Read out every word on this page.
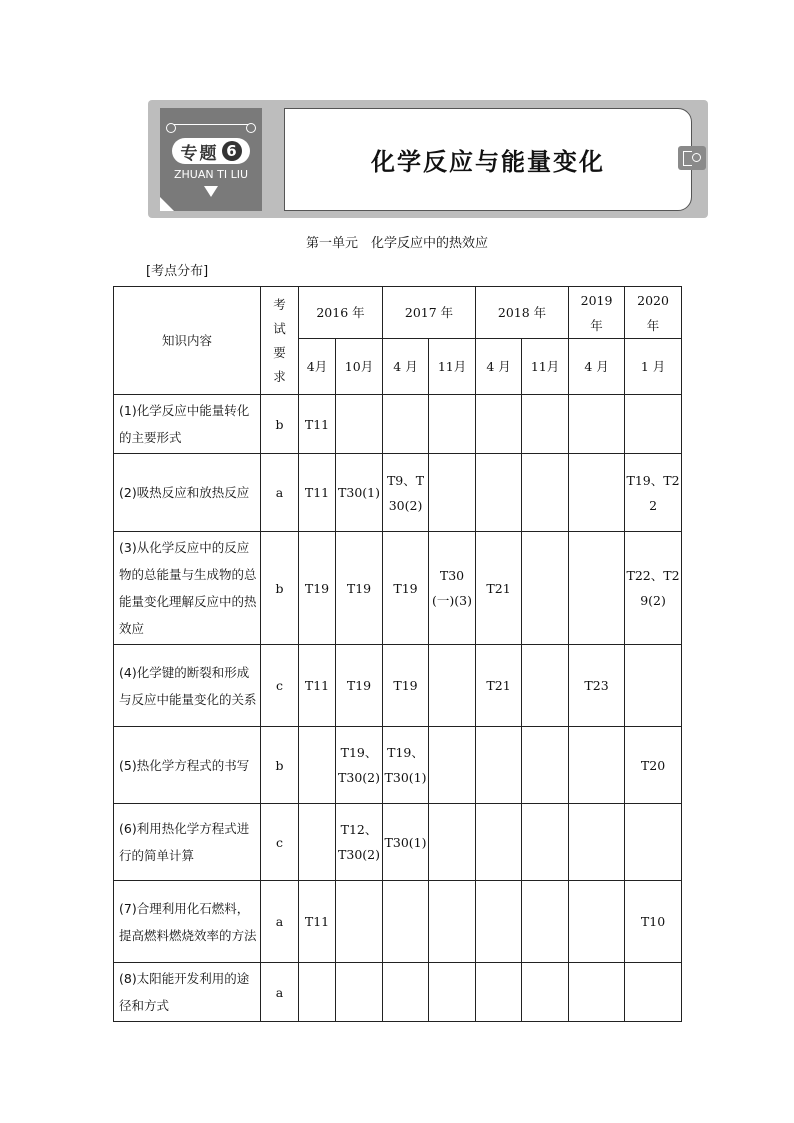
专题 6
ZHUAN TI LIU	化学反应与能量变化
第一单元　化学反应中的热效应
[考点分布]
知识内容	考试要求	2016 年		2017 年		2018 年		2019年	2020年
		4月	10月	4 月	11月	4 月	11月	4 月	1 月
(1)化学反应中能量转化的主要形式	b	T11							
(2)吸热反应和放热反应	a	T11	T30(1)	T9、T30(2)					T19、T22
(3)从化学反应中的反应物的总能量与生成物的总能量变化理解反应中的热效应	b	T19	T19	T19	T30(一)(3)	T21			T22、T29(2)
(4)化学键的断裂和形成与反应中能量变化的关系	c	T11	T19	T19		T21		T23	
(5)热化学方程式的书写	b		T19、T30(2)	T19、T30(1)					T20
(6)利用热化学方程式进行的简单计算	c		T12、T30(2)	T30(1)					
(7)合理利用化石燃料，提高燃料燃烧效率的方法	a	T11							T10
(8)太阳能开发利用的途径和方式	a								
